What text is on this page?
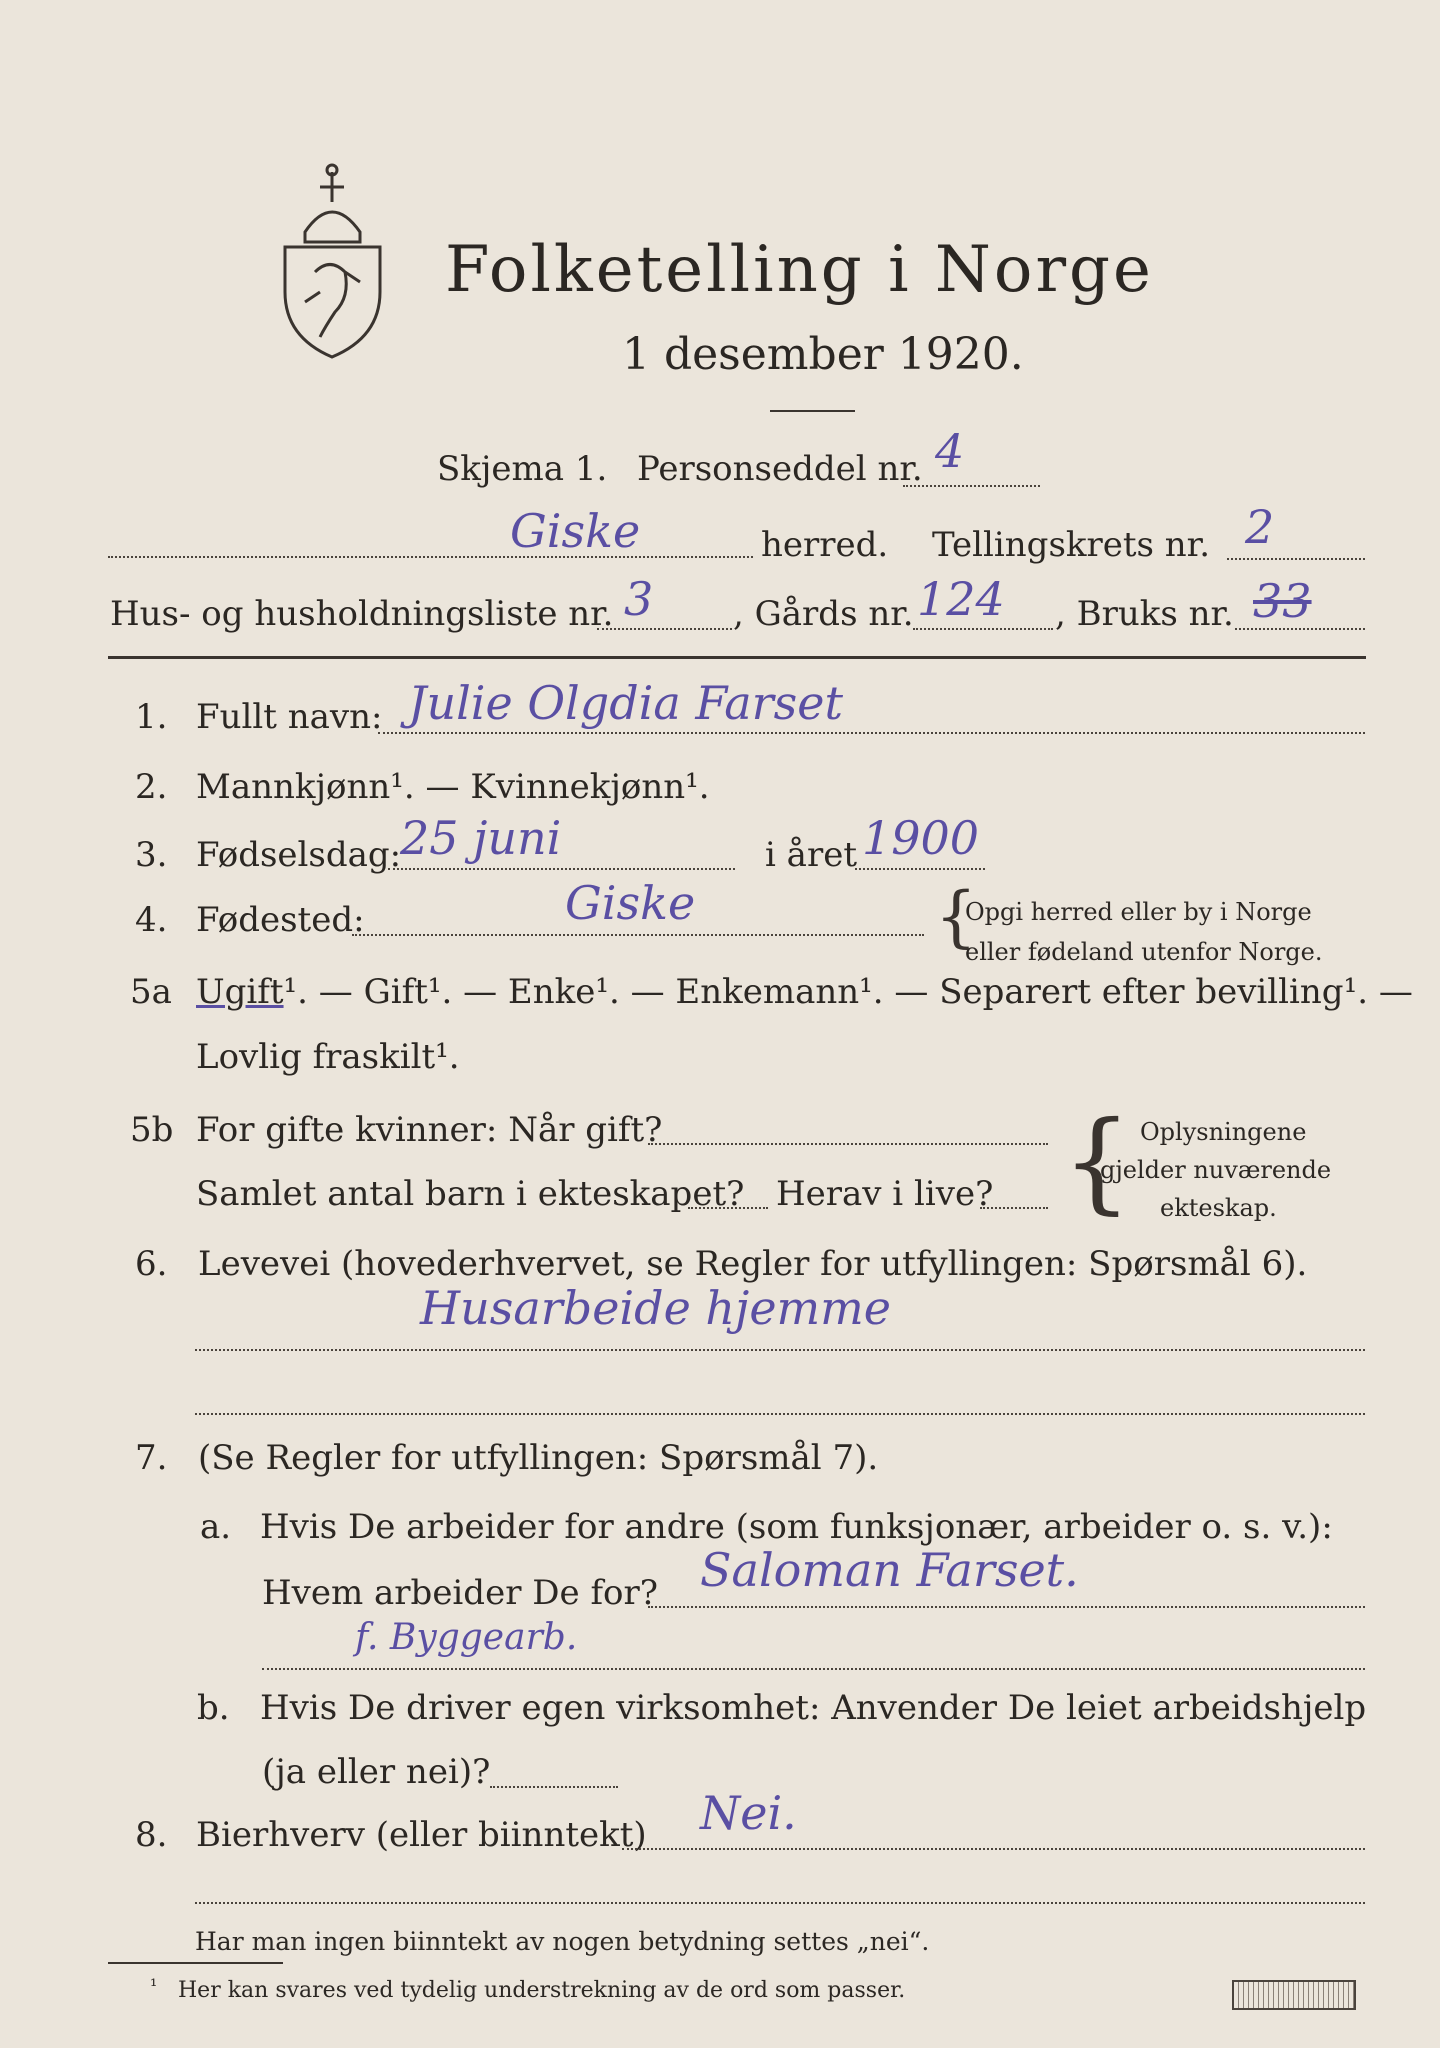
Folketelling i Norge
1 desember 1920.
Skjema 1. Personseddel nr. 4
Giske	herred. Tellingskrets nr. 2
Hus- og husholdningsliste nr. 3 , Gårds nr. 124 , Bruks nr. 33
1. Fullt navn: Julie Olgdia Farset
2. Mannkjønn¹. — Kvinnekjønn¹.
3. Fødselsdag:
25 juni	i året 1900
4. Fødested:	Giske	{
Opgi herred eller by i Norge
eller fødeland utenfor Norge.
5a Ugift¹. — Gift¹. — Enke¹. — Enkemann¹. — Separert efter bevilling¹. —
Lovlig fraskilt¹.
5b For gifte kvinner: Når gift?
Samlet antal barn i ekteskapet? Herav i live? { Oplysningene
gjelder nuværende
ekteskap.
6. Levevei (hovederhvervet, se Regler for utfyllingen: Spørsmål 6).
Husarbeide hjemme
7. (Se Regler for utfyllingen: Spørsmål 7).
a. Hvis De arbeider for andre (som funksjonær, arbeider o. s. v.):
Hvem arbeider De for? Saloman Farset.
f. Byggearb.
b. Hvis De driver egen virksomhet: Anvender De leiet arbeidshjelp
(ja eller nei)?
8. Bierhverv (eller biinntekt) Nei.
Har man ingen biinntekt av nogen betydning settes „nei“.
¹ Her kan svares ved tydelig understrekning av de ord som passer.
